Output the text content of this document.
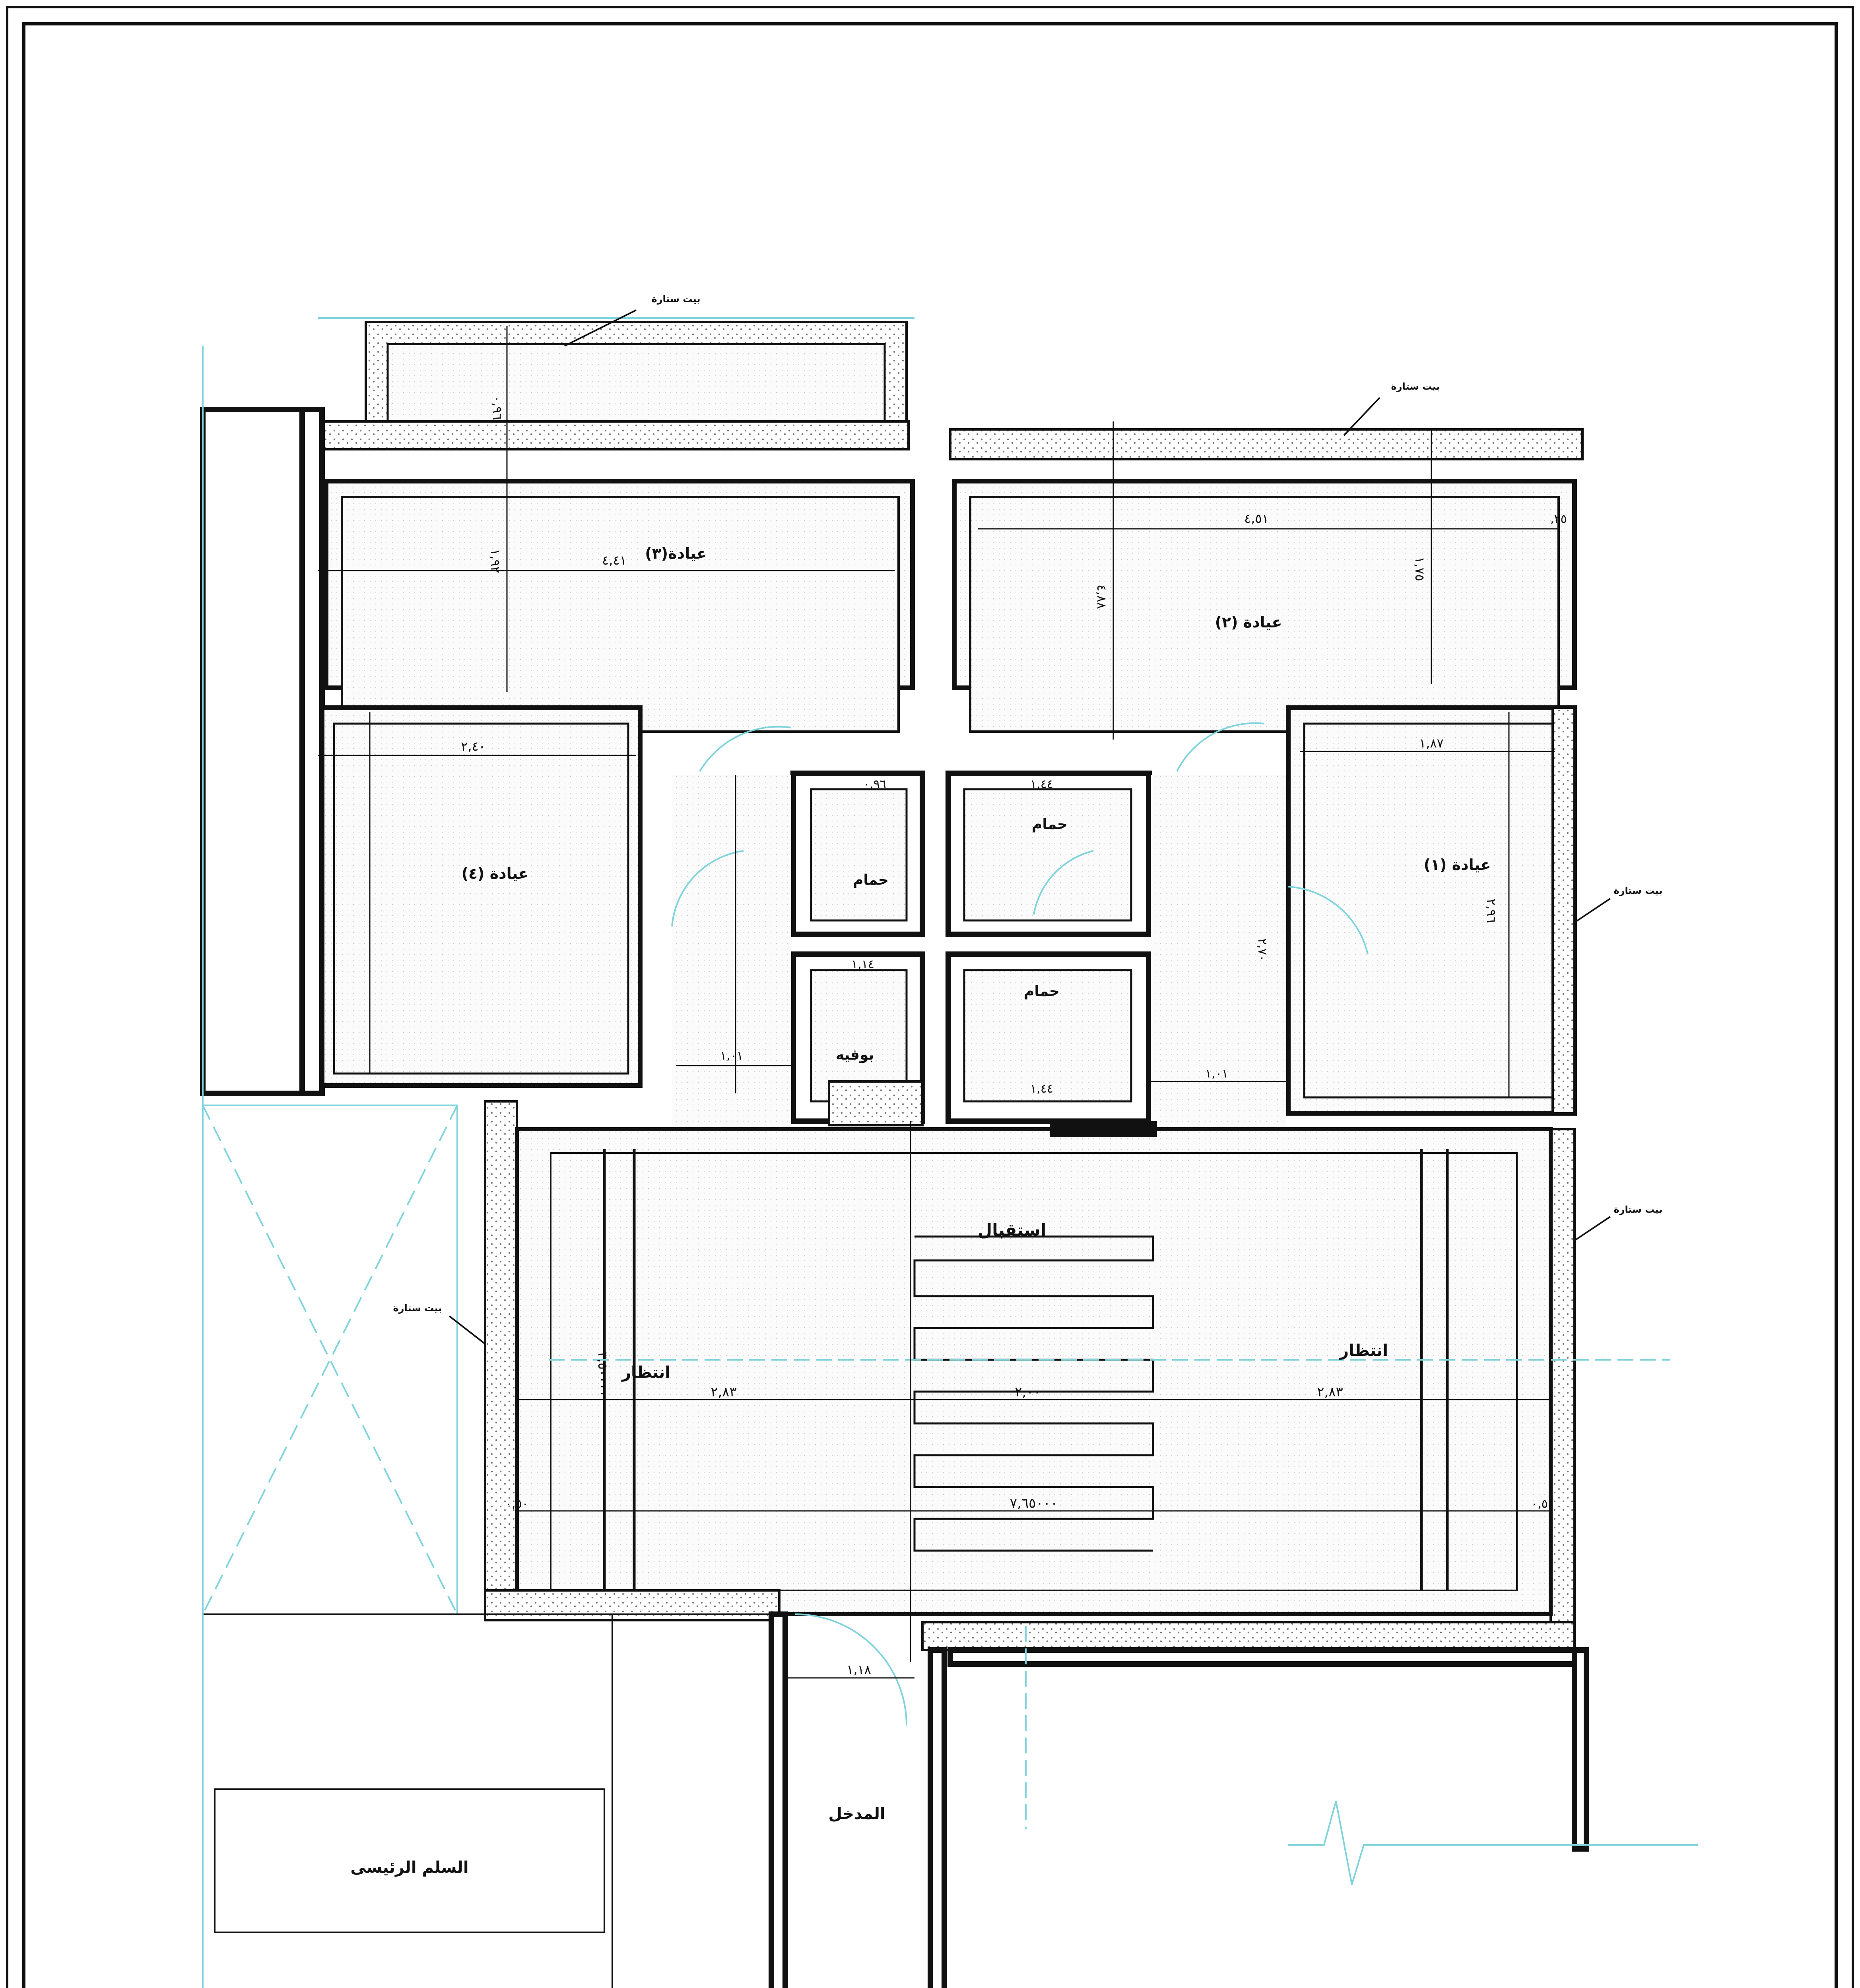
عيادة(٣)
عيادة (٢)
عيادة (٤)	عيادة (١)
حمام
حمام
حمام
بوفيه
استقبال
انتظار
انتظار
المدخل
السلم الرئيسى
بيت ستارة
بيت ستارة
بيت ستارة
بيت ستارة
بيت ستارة
٠,٩٦
٤,٤١
١,٩٢
٤,٥١
١,٧٥
٤,٨٨
,٢٥
٢,٤٠	١,٨٧
٢,٩٦
٠,٩٦	١,٤٤
١,٤٤
١,١٤
١,٠١
١,٠١
٢,٧٠
٢,٨٣	٢,٠٠	٢,٨٣
٧,٦٥٠٠٠
٣,٥٠٠٠٠
١,١٨
٠,٥٠	٠,٥٠
